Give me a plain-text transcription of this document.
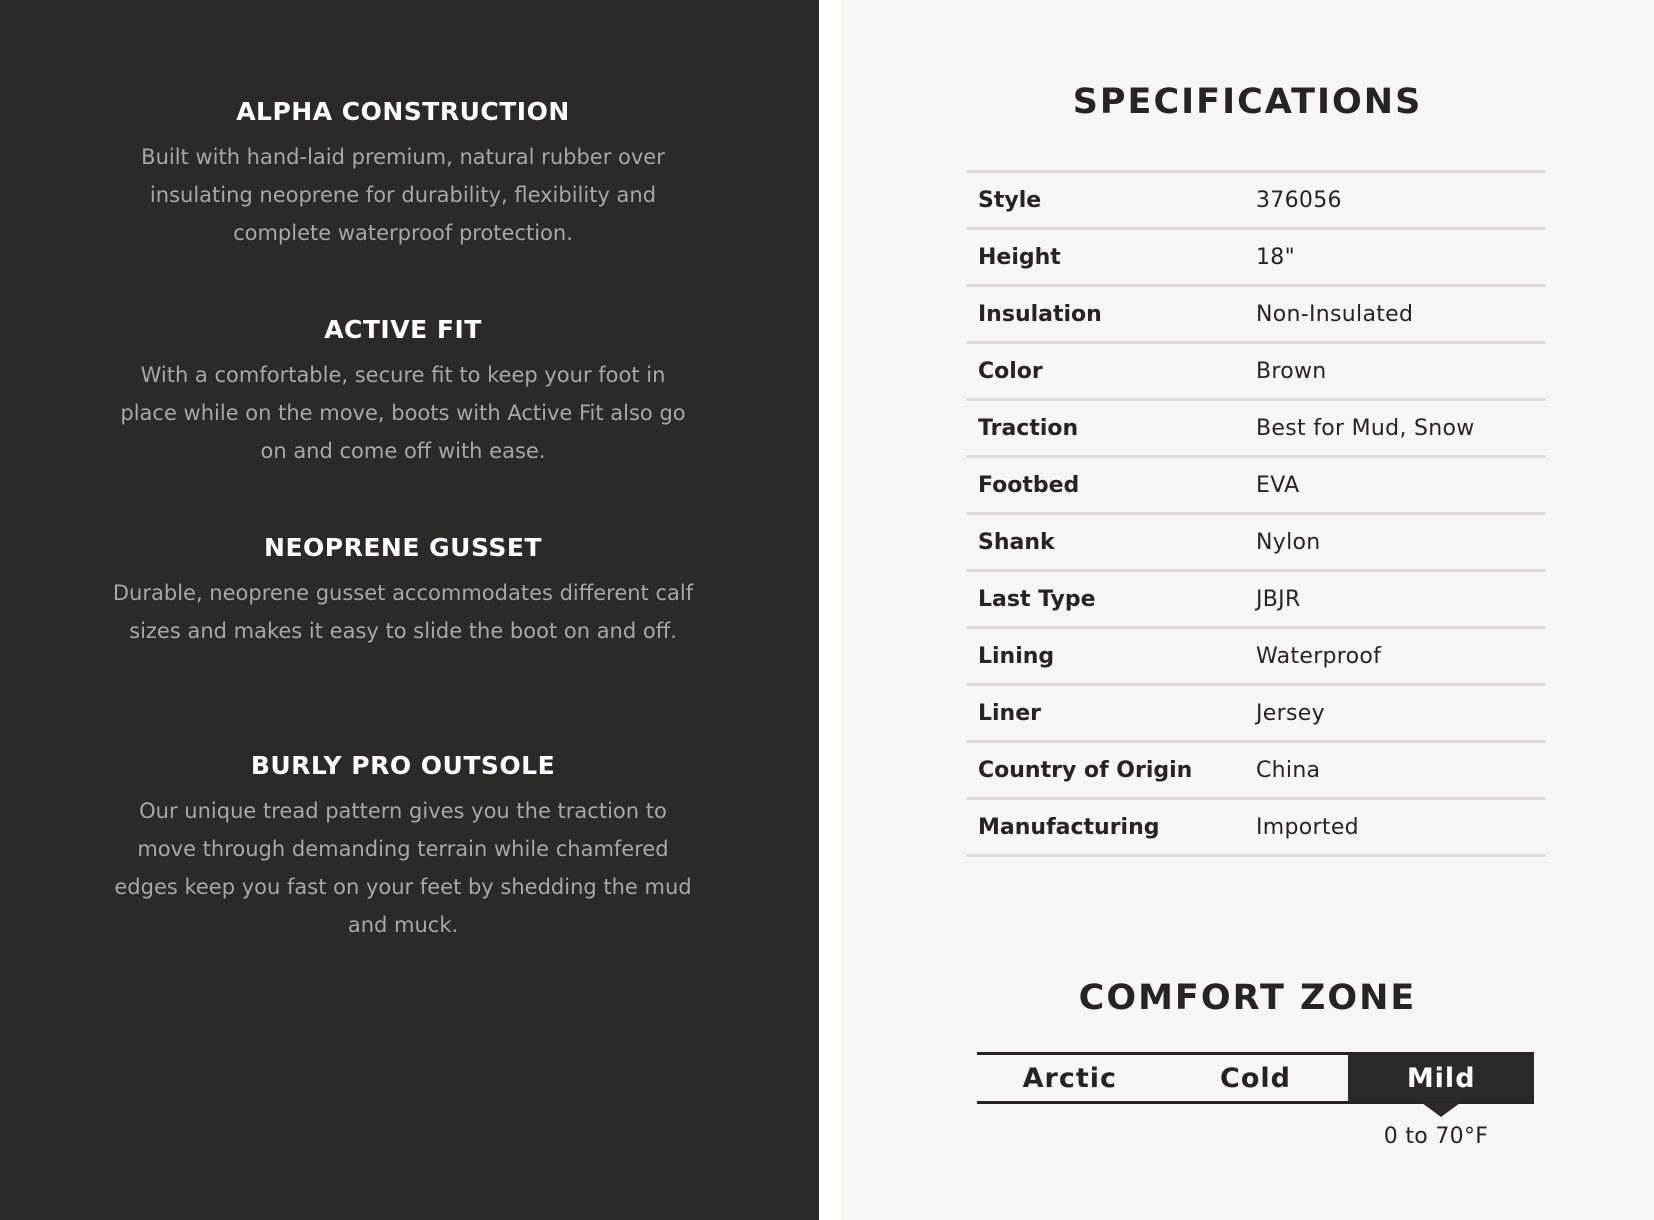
ALPHA CONSTRUCTION

Built with hand-laid premium, natural rubber over insulating neoprene for durability, flexibility and complete waterproof protection.

ACTIVE FIT

With a comfortable, secure fit to keep your foot in place while on the move, boots with Active Fit also go on and come off with ease.

NEOPRENE GUSSET

Durable, neoprene gusset accommodates different calf sizes and makes it easy to slide the boot on and off.

BURLY PRO OUTSOLE

Our unique tread pattern gives you the traction to move through demanding terrain while chamfered edges keep you fast on your feet by shedding the mud and muck.

SPECIFICATIONS
Style	376056
Height	18"
Insulation	Non-Insulated
Color	Brown
Traction	Best for Mud, Snow
Footbed	EVA
Shank	Nylon
Last Type	JBJR
Lining	Waterproof
Liner	Jersey
Country of Origin	China
Manufacturing	Imported
COMFORT ZONE
Arctic	Cold	Mild
0 to 70°F
